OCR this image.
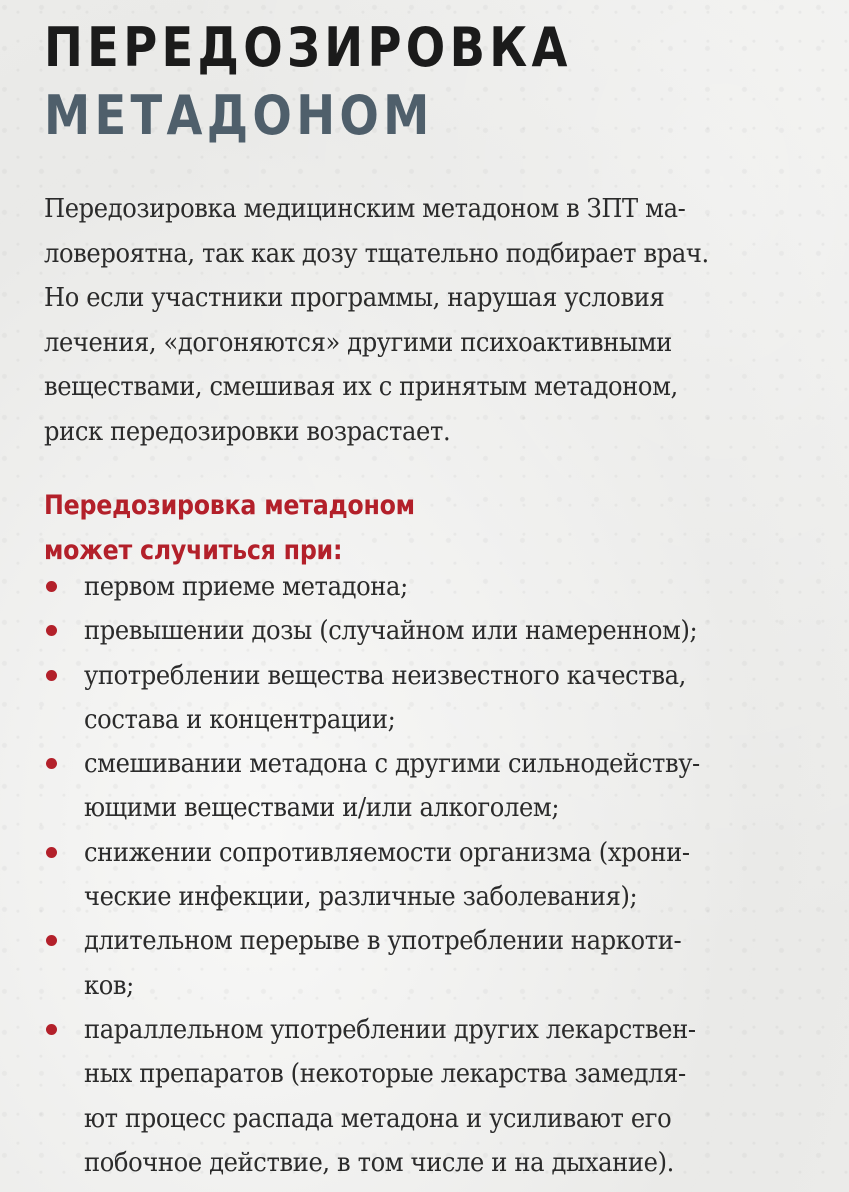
ПЕРЕДОЗИРОВКА
МЕТАДОНОМ

Передозировка медицинским метадоном в ЗПТ ма-
ловероятна, так как дозу тщательно подбирает врач.
Но если участники программы, нарушая условия
лечения, «догоняются» другими психоактивными
веществами, смешивая их с принятым метадоном,
риск передозировки возрастает.

Передозировка метадоном
может случиться при:
первом приеме метадона;
превышении дозы (случайном или намеренном);
употреблении вещества неизвестного качества,
состава и концентрации;
смешивании метадона с другими сильнодейству-
ющими веществами и/или алкоголем;
снижении сопротивляемости организма (хрони-
ческие инфекции, различные заболевания);
длительном перерыве в употреблении наркоти-
ков;
параллельном употреблении других лекарствен-
ных препаратов (некоторые лекарства замедля-
ют процесс распада метадона и усиливают его
побочное действие, в том числе и на дыхание).
